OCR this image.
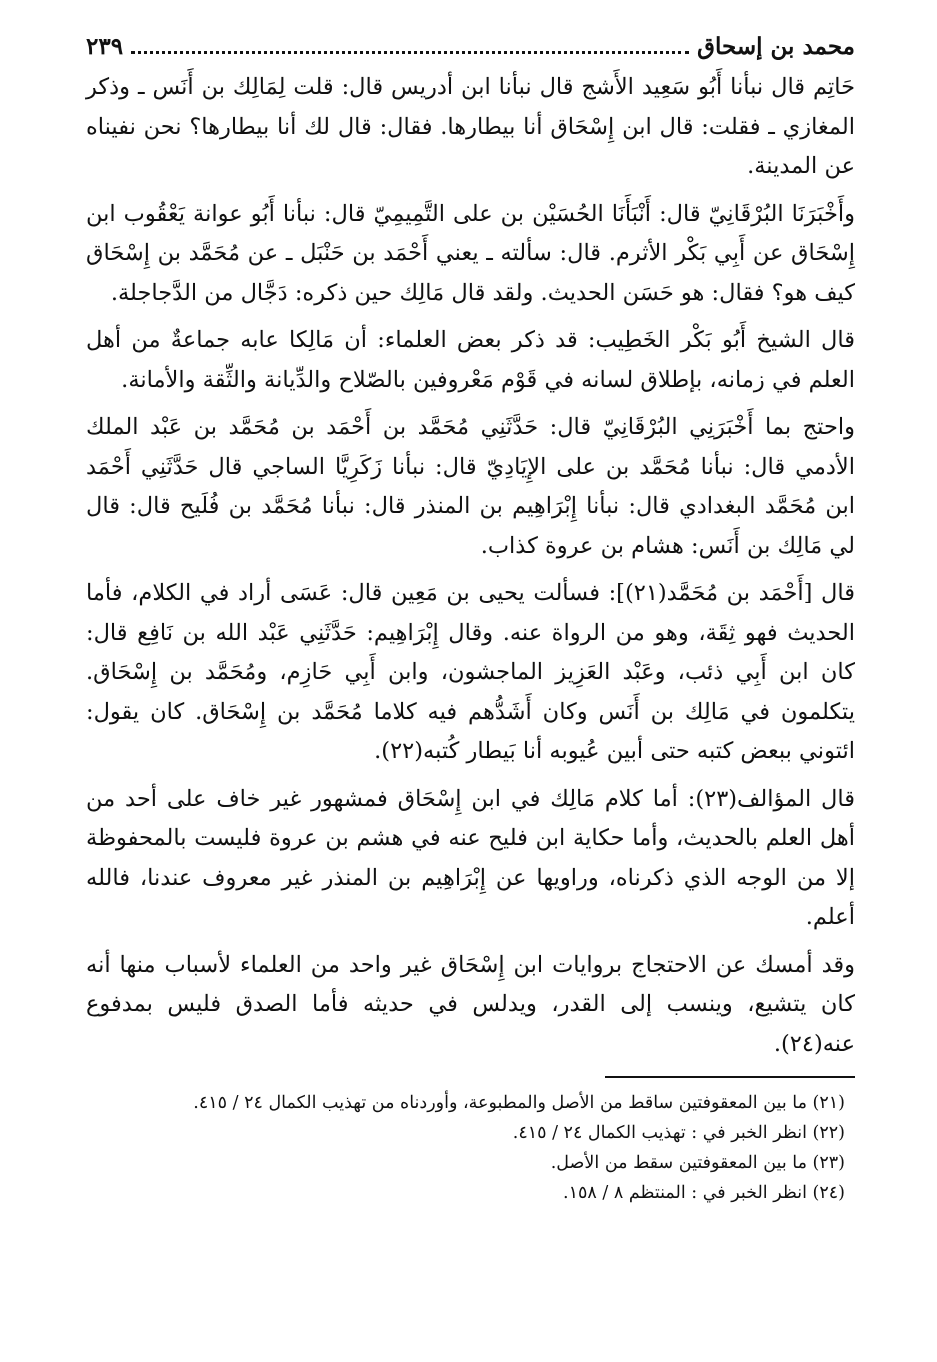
محمد بن إسحاق
٢٣٩

حَاتِم قال نبأنا أَبُو سَعِيد الأَشج قال نبأنا ابن أدريس قال: قلت لِمَالِك بن أَنَس ـ وذكر المغازي ـ فقلت: قال ابن إِسْحَاق أنا بيطارها. فقال: قال لك أنا بيطارها؟ نحن نفيناه عن المدينة.

وأَخْبَرَنَا البُرْقَانِيّ قال: أَنْبَأَنَا الحُسَيْن بن على التَّمِيمِيّ قال: نبأنا أَبُو عوانة يَعْقُوب ابن إِسْحَاق عن أَبِي بَكْر الأثرم. قال: سألته ـ يعني أَحْمَد بن حَنْبَل ـ عن مُحَمَّد بن إِسْحَاق كيف هو؟ فقال: هو حَسَن الحديث. ولقد قال مَالِك حين ذكره: دَجَّال من الدَّجاجلة.

قال الشيخ أَبُو بَكْر الخَطِيب: قد ذكر بعض العلماء: أن مَالِكا عابه جماعةٌ من أهل العلم في زمانه، بإطلاق لسانه في قَوْم مَعْروفين بالصّلاح والدِّيانة والثِّقة والأمانة.

واحتج بما أَخْبَرَنِي البُرْقَانِيّ قال: حَدَّثَنِي مُحَمَّد بن أَحْمَد بن مُحَمَّد بن عَبْد الملك الأدمي قال: نبأنا مُحَمَّد بن على الإِيَادِيّ قال: نبأنا زَكَرِيَّا الساجي قال حَدَّثَنِي أَحْمَد ابن مُحَمَّد البغدادي قال: نبأنا إِبْرَاهِيم بن المنذر قال: نبأنا مُحَمَّد بن فُلَيح قال: قال لي مَالِك بن أَنَس: هشام بن عروة كذاب.

قال [أَحْمَد بن مُحَمَّد(٢١)]: فسألت يحيى بن مَعِين قال: عَسَى أراد في الكلام، فأما الحديث فهو ثِقَة، وهو من الرواة عنه. وقال إِبْرَاهِيم: حَدَّثَنِي عَبْد الله بن نَافِع قال: كان ابن أَبِي ذئب، وعَبْد العَزِيز الماجشون، وابن أَبِي حَازِم، ومُحَمَّد بن إِسْحَاق. يتكلمون في مَالِك بن أَنَس وكان أَشَدُّهم فيه كلاما مُحَمَّد بن إِسْحَاق. كان يقول: ائتوني ببعض كتبه حتى أبين عُيوبه أنا بَيطار كُتبه(٢٢).

قال المؤالف(٢٣): أما كلام مَالِك في ابن إِسْحَاق فمشهور غير خاف على أحد من أهل العلم بالحديث، وأما حكاية ابن فليح عنه في هشم بن عروة فليست بالمحفوظة إلا من الوجه الذي ذكرناه، وراويها عن إِبْرَاهِيم بن المنذر غير معروف عندنا، فالله أعلم.

وقد أمسك عن الاحتجاج بروايات ابن إِسْحَاق غير واحد من العلماء لأسباب منها أنه كان يتشيع، وينسب إلى القدر، ويدلس في حديثه فأما الصدق فليس بمدفوع عنه(٢٤).

(٢١) ما بين المعقوفتين ساقط من الأصل والمطبوعة، وأوردناه من تهذيب الكمال ٢٤ / ٤١٥.

(٢٢) انظر الخبر في : تهذيب الكمال ٢٤ / ٤١٥.

(٢٣) ما بين المعقوفتين سقط من الأصل.

(٢٤) انظر الخبر في : المنتظم ٨ / ١٥٨.
